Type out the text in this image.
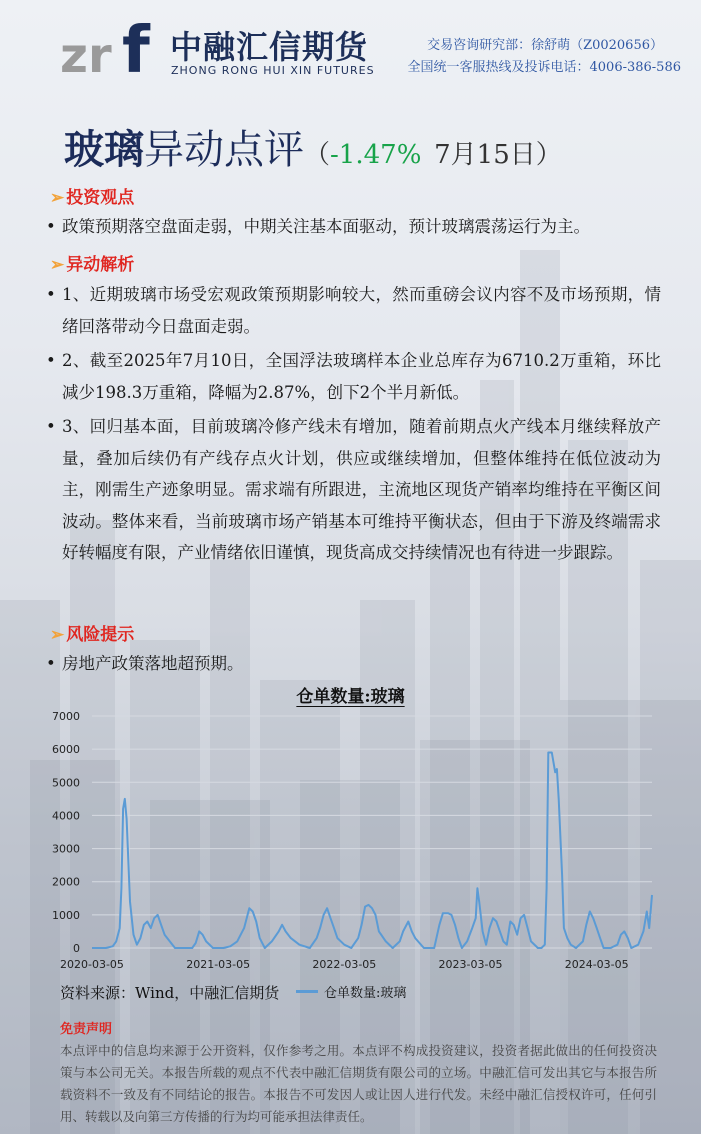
zr f 中融汇信期货
ZHONG RONG HUI XIN FUTURES
交易咨询研究部：徐舒萌（Z0020656）
全国统一客服热线及投诉电话：4006-386-586
玻璃异动点评（-1.47% 7月15日）
➢ 投资观点
• 政策预期落空盘面走弱，中期关注基本面驱动，预计玻璃震荡运行为主。
➢ 异动解析
• 1、近期玻璃市场受宏观政策预期影响较大，然而重磅会议内容不及市场预期，情绪回落带动今日盘面走弱。
• 2、截至2025年7月10日，全国浮法玻璃样本企业总库存为6710.2万重箱，环比减少198.3万重箱，降幅为2.87%，创下2个半月新低。
• 3、回归基本面，目前玻璃冷修产线未有增加，随着前期点火产线本月继续释放产量，叠加后续仍有产线存点火计划，供应或继续增加，但整体维持在低位波动为主，刚需生产迹象明显。需求端有所跟进，主流地区现货产销率均维持在平衡区间波动。整体来看，当前玻璃市场产销基本可维持平衡状态，但由于下游及终端需求好转幅度有限，产业情绪依旧谨慎，现货高成交持续情况也有待进一步跟踪。
➢ 风险提示
• 房地产政策落地超预期。
仓单数量:玻璃
0
1000
2000
3000
4000
5000
6000
7000
2020-03-05	2021-03-05	2022-03-05	2023-03-05	2024-03-05
资料来源：Wind，中融汇信期货	仓单数量:玻璃
免责声明
本点评中的信息均来源于公开资料，仅作参考之用。本点评不构成投资建议，投资者据此做出的任何投资决策与本公司无关。本报告所载的观点不代表中融汇信期货有限公司的立场。中融汇信可发出其它与本报告所载资料不一致及有不同结论的报告。本报告不可发因人或让因人进行代发。未经中融汇信授权许可，任何引用、转载以及向第三方传播的行为均可能承担法律责任。
